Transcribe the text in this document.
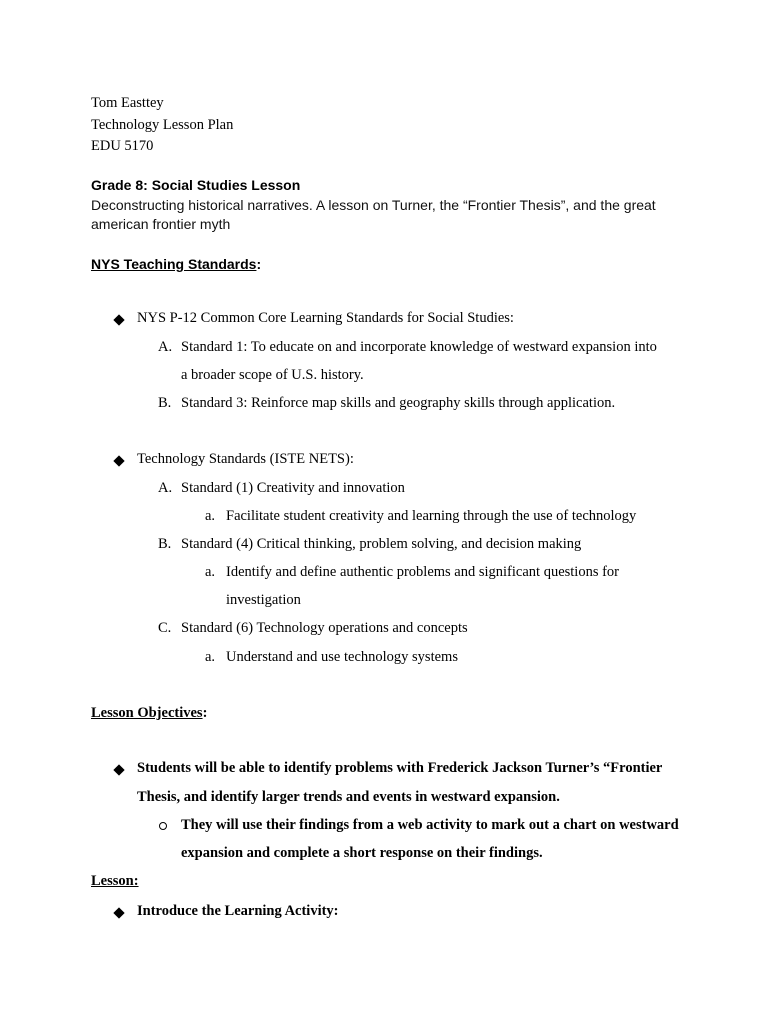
Tom Easttey
Technology Lesson Plan
EDU 5170
Grade 8: Social Studies Lesson
Deconstructing historical narratives. A lesson on Turner, the “Frontier Thesis”, and the great
american frontier myth
NYS Teaching Standards:
NYS P-12 Common Core Learning Standards for Social Studies:
A. Standard 1: To educate on and incorporate knowledge of westward expansion into
a broader scope of U.S. history.
B. Standard 3: Reinforce map skills and geography skills through application.
Technology Standards (ISTE NETS):
A. Standard (1) Creativity and innovation
a. Facilitate student creativity and learning through the use of technology
B. Standard (4) Critical thinking, problem solving, and decision making
a. Identify and define authentic problems and significant questions for
investigation
C. Standard (6) Technology operations and concepts
a. Understand and use technology systems
Lesson Objectives:
Students will be able to identify problems with Frederick Jackson Turner’s “Frontier
Thesis, and identify larger trends and events in westward expansion.
They will use their findings from a web activity to mark out a chart on westward
expansion and complete a short response on their findings.
Lesson:
Introduce the Learning Activity:
